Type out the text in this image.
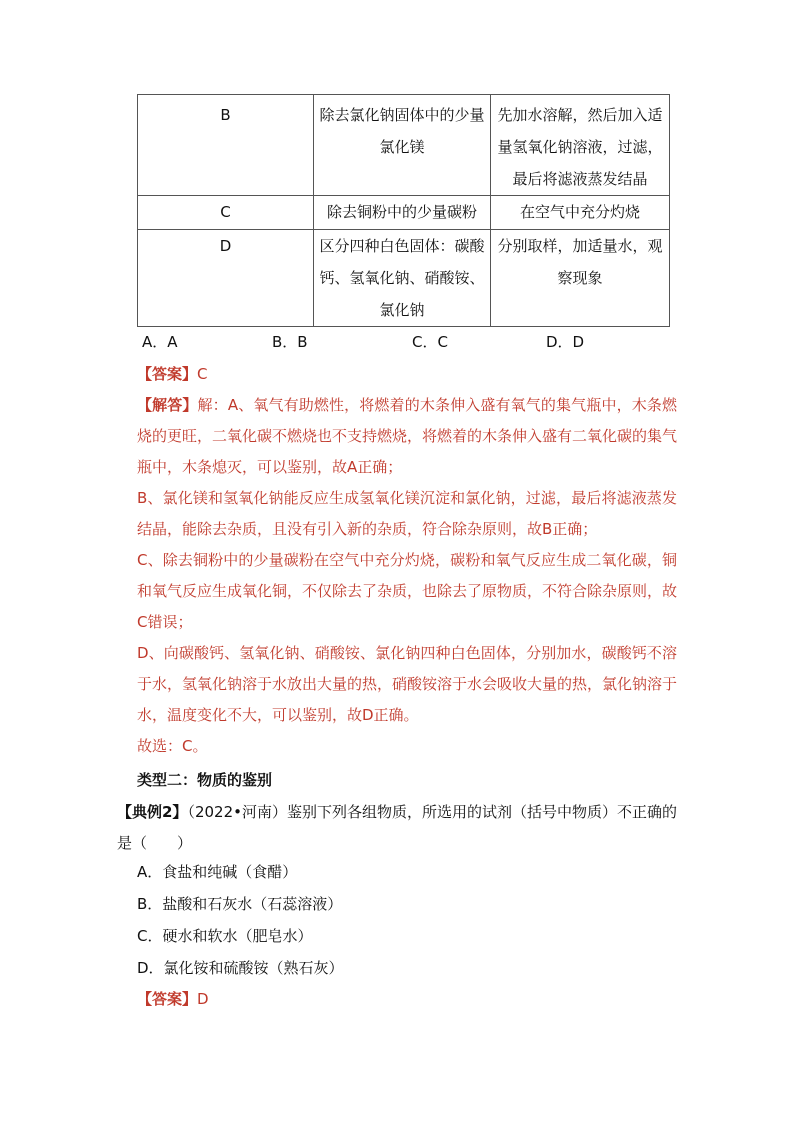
B	除去氯化钠固体中的少量氯化镁	先加水溶解，然后加入适量氢氧化钠溶液，过滤，最后将滤液蒸发结晶
C	除去铜粉中的少量碳粉	在空气中充分灼烧
D	区分四种白色固体：碳酸钙、氢氧化钠、硝酸铵、氯化钠	分别取样，加适量水，观察现象
A．A	B．B	C．C	D．D
【答案】C
【解答】解：A、氧气有助燃性，将燃着的木条伸入盛有氧气的集气瓶中，木条燃烧的更旺，二氧化碳不燃烧也不支持燃烧，将燃着的木条伸入盛有二氧化碳的集气瓶中，木条熄灭，可以鉴别，故A正确；
B、氯化镁和氢氧化钠能反应生成氢氧化镁沉淀和氯化钠，过滤，最后将滤液蒸发结晶，能除去杂质，且没有引入新的杂质，符合除杂原则，故B正确；
C、除去铜粉中的少量碳粉在空气中充分灼烧，碳粉和氧气反应生成二氧化碳，铜和氧气反应生成氧化铜，不仅除去了杂质，也除去了原物质，不符合除杂原则，故C错误；
D、向碳酸钙、氢氧化钠、硝酸铵、氯化钠四种白色固体，分别加水，碳酸钙不溶于水，氢氧化钠溶于水放出大量的热，硝酸铵溶于水会吸收大量的热，氯化钠溶于水，温度变化不大，可以鉴别，故D正确。
故选：C。
类型二：物质的鉴别
【典例2】（2022•河南）鉴别下列各组物质，所选用的试剂（括号中物质）不正确的是（　　）
A．食盐和纯碱（食醋）
B．盐酸和石灰水（石蕊溶液）
C．硬水和软水（肥皂水）
D．氯化铵和硫酸铵（熟石灰）
【答案】D
